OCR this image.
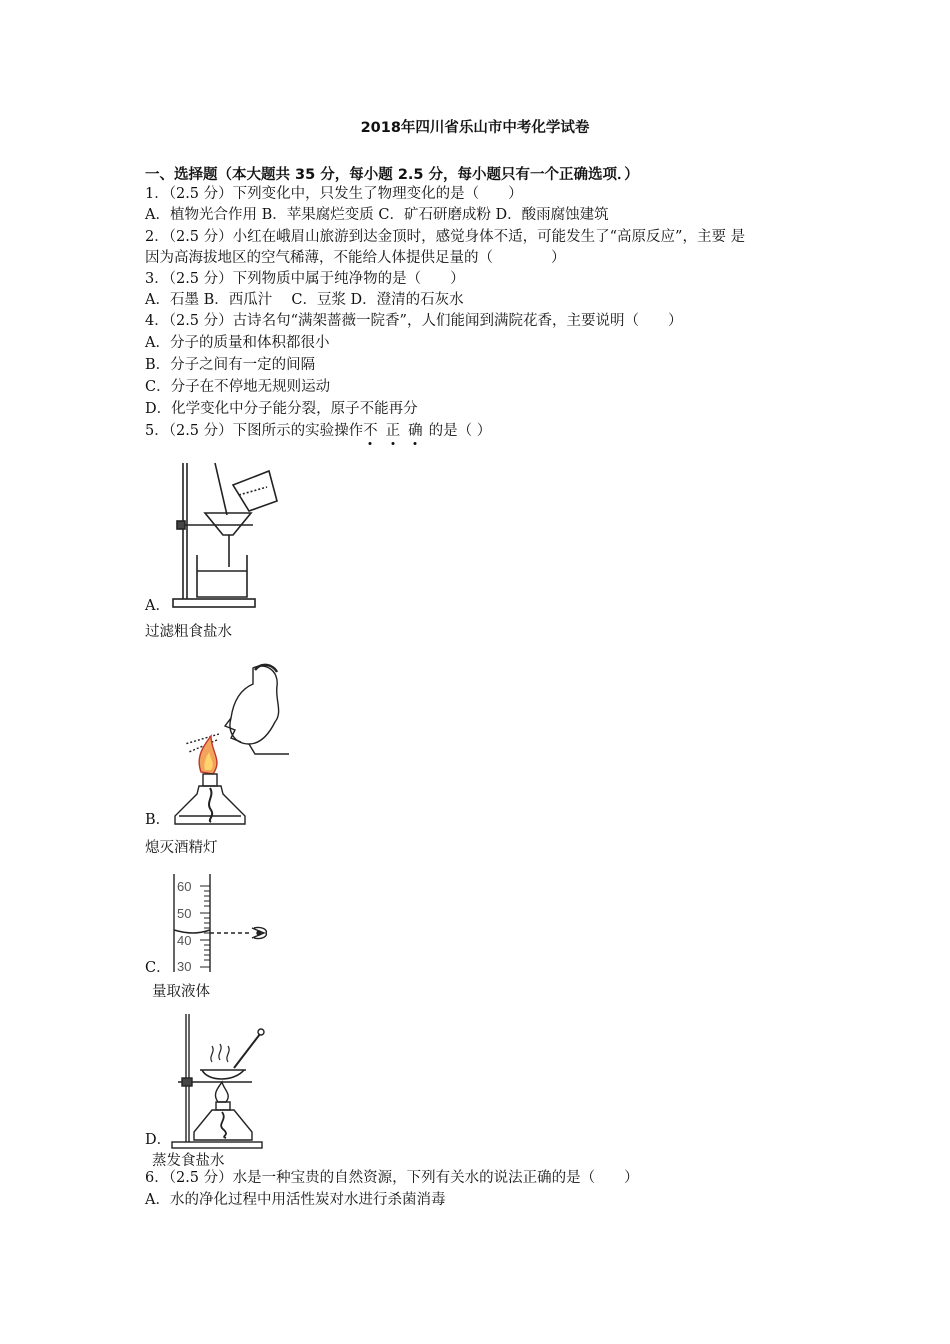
2018年四川省乐山市中考化学试卷
一、选择题（本大题共 35 分，每小题 2.5 分，每小题只有一个正确选项．）
1．（2.5 分）下列变化中，只发生了物理变化的是（　　）
A．植物光合作用 B．苹果腐烂变质 C．矿石研磨成粉 D．酸雨腐蚀建筑
2．（2.5 分）小红在峨眉山旅游到达金顶时，感觉身体不适，可能发生了“高原反应”，主要 是
因为高海拔地区的空气稀薄，不能给人体提供足量的（　　　　）
3．（2.5 分）下列物质中属于纯净物的是（　　）
A．石墨 B．西瓜汁　 C．豆浆 D．澄清的石灰水
4．（2.5 分）古诗名句“满架蔷薇一院香”，人们能闻到满院花香，主要说明（　　）
A．分子的质量和体积都很小
B．分子之间有一定的间隔
C．分子在不停地无规则运动
D．化学变化中分子能分裂，原子不能再分
5．（2.5 分）下图所示的实验操作不 正 确 的是（ ）
A．
过滤粗食盐水
B．
熄灭酒精灯
60
50
40
30
C．
量取液体
D．
蒸发食盐水
6．（2.5 分）水是一种宝贵的自然资源，下列有关水的说法正确的是（　　）
A．水的净化过程中用活性炭对水进行杀菌消毒
